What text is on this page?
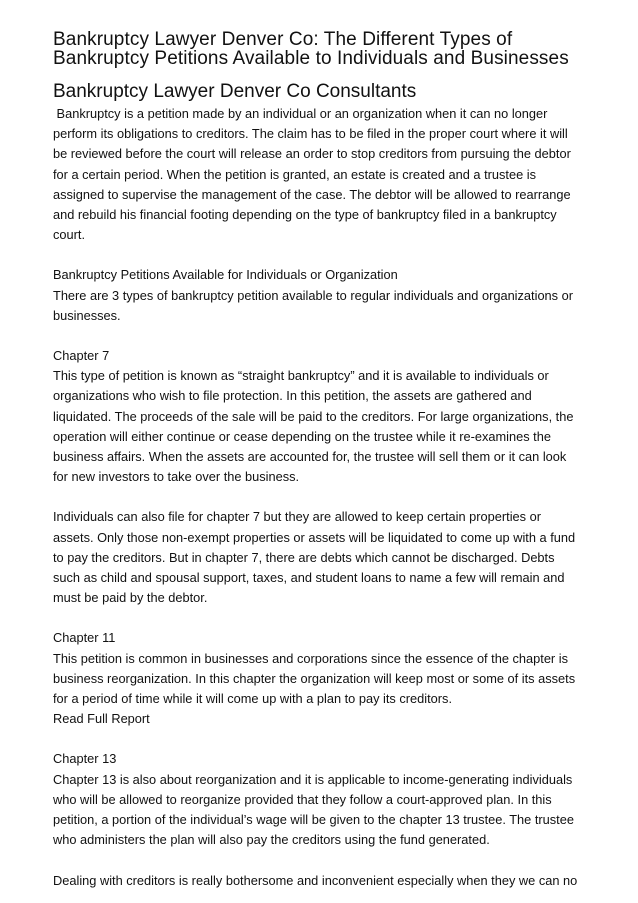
Bankruptcy Lawyer Denver Co: The Different Types of
Bankruptcy Petitions Available to Individuals and Businesses
Bankruptcy Lawyer Denver Co Consultants

Bankruptcy is a petition made by an individual or an organization when it can no longer
perform its obligations to creditors. The claim has to be filed in the proper court where it will
be reviewed before the court will release an order to stop creditors from pursuing the debtor
for a certain period. When the petition is granted, an estate is created and a trustee is
assigned to supervise the management of the case. The debtor will be allowed to rearrange
and rebuild his financial footing depending on the type of bankruptcy filed in a bankruptcy
court.

Bankruptcy Petitions Available for Individuals or Organization
There are 3 types of bankruptcy petition available to regular individuals and organizations or
businesses.

Chapter 7
This type of petition is known as “straight bankruptcy” and it is available to individuals or
organizations who wish to file protection. In this petition, the assets are gathered and
liquidated. The proceeds of the sale will be paid to the creditors. For large organizations, the
operation will either continue or cease depending on the trustee while it re-examines the
business affairs. When the assets are accounted for, the trustee will sell them or it can look
for new investors to take over the business.

Individuals can also file for chapter 7 but they are allowed to keep certain properties or
assets. Only those non-exempt properties or assets will be liquidated to come up with a fund
to pay the creditors. But in chapter 7, there are debts which cannot be discharged. Debts
such as child and spousal support, taxes, and student loans to name a few will remain and
must be paid by the debtor.

Chapter 11
This petition is common in businesses and corporations since the essence of the chapter is
business reorganization. In this chapter the organization will keep most or some of its assets
for a period of time while it will come up with a plan to pay its creditors.
Read Full Report

Chapter 13
Chapter 13 is also about reorganization and it is applicable to income-generating individuals
who will be allowed to reorganize provided that they follow a court-approved plan. In this
petition, a portion of the individual’s wage will be given to the chapter 13 trustee. The trustee
who administers the plan will also pay the creditors using the fund generated.

Dealing with creditors is really bothersome and inconvenient especially when they we can no
